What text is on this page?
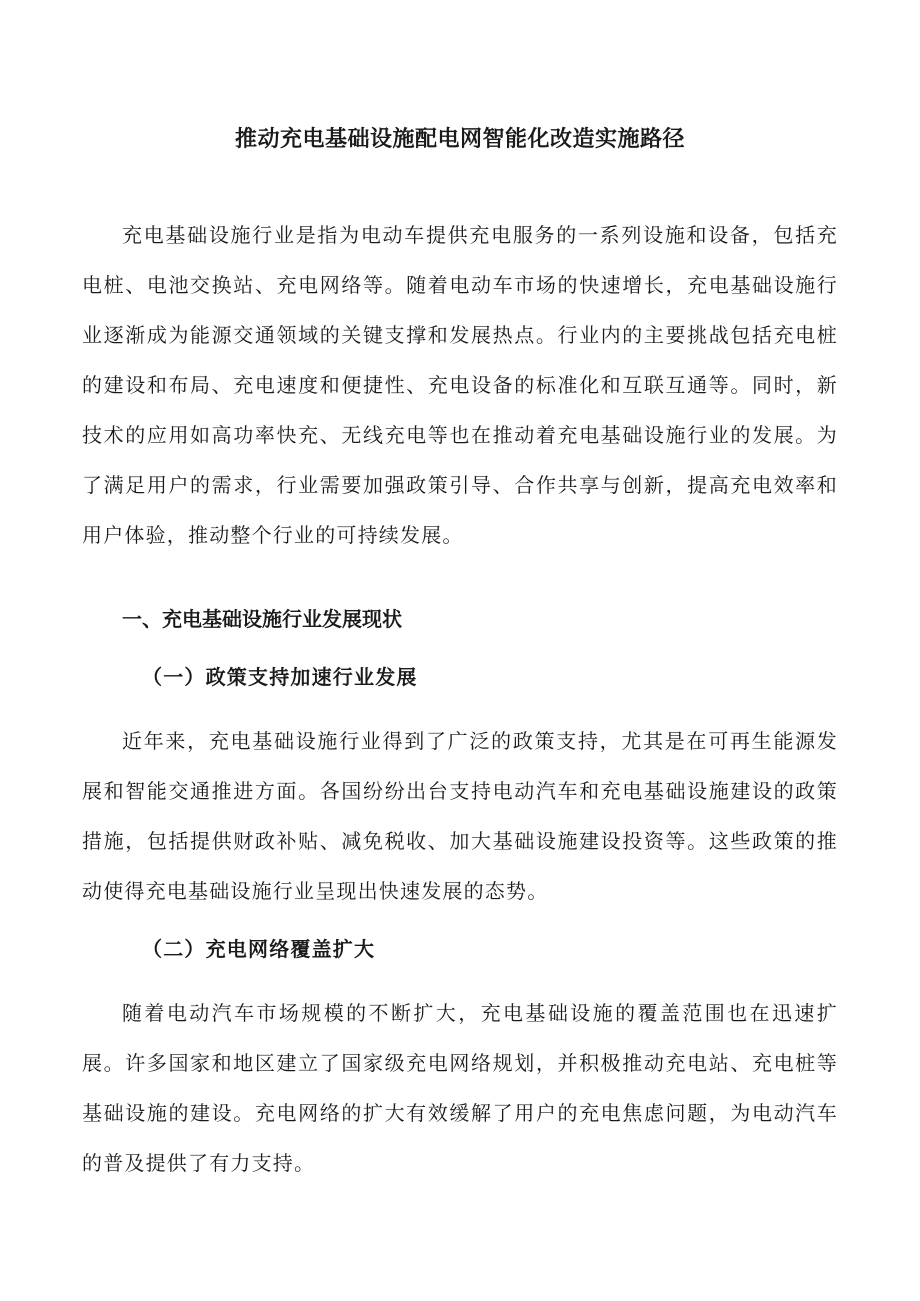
推动充电基础设施配电网智能化改造实施路径

充电基础设施行业是指为电动车提供充电服务的一系列设施和设备，包括充电桩、电池交换站、充电网络等。随着电动车市场的快速增长，充电基础设施行业逐渐成为能源交通领域的关键支撑和发展热点。行业内的主要挑战包括充电桩的建设和布局、充电速度和便捷性、充电设备的标准化和互联互通等。同时，新技术的应用如高功率快充、无线充电等也在推动着充电基础设施行业的发展。为了满足用户的需求，行业需要加强政策引导、合作共享与创新，提高充电效率和用户体验，推动整个行业的可持续发展。

一、充电基础设施行业发展现状
（一）政策支持加速行业发展

近年来，充电基础设施行业得到了广泛的政策支持，尤其是在可再生能源发展和智能交通推进方面。各国纷纷出台支持电动汽车和充电基础设施建设的政策措施，包括提供财政补贴、减免税收、加大基础设施建设投资等。这些政策的推动使得充电基础设施行业呈现出快速发展的态势。

（二）充电网络覆盖扩大

随着电动汽车市场规模的不断扩大，充电基础设施的覆盖范围也在迅速扩展。许多国家和地区建立了国家级充电网络规划，并积极推动充电站、充电桩等基础设施的建设。充电网络的扩大有效缓解了用户的充电焦虑问题，为电动汽车的普及提供了有力支持。
